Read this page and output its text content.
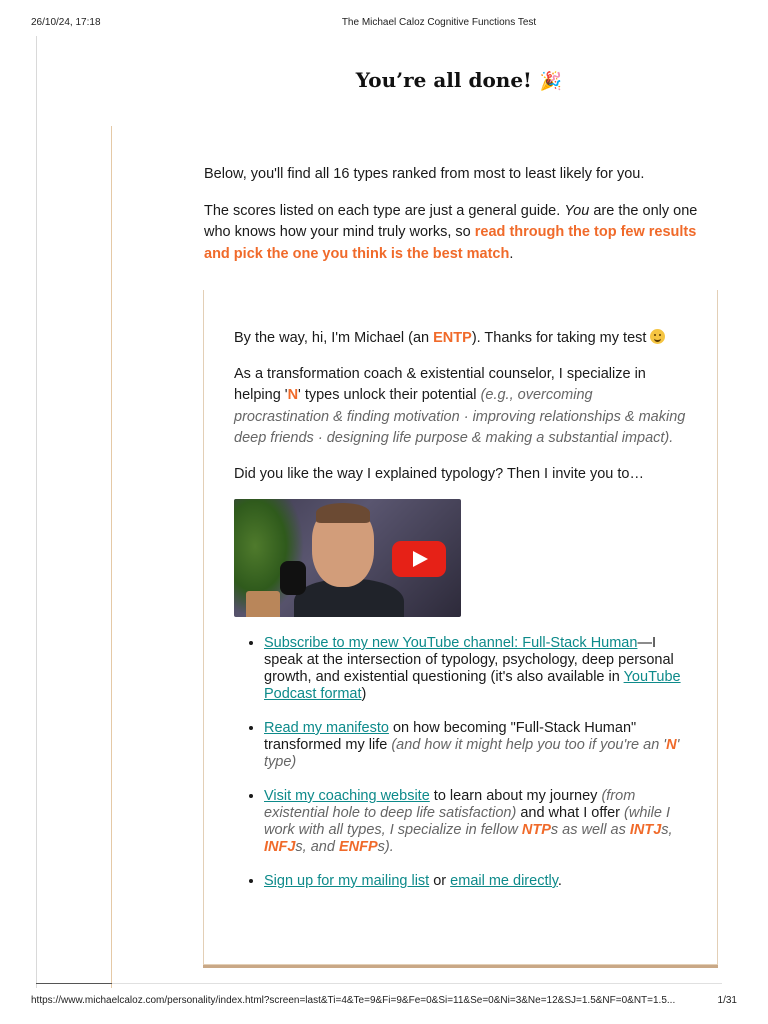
26/10/24, 17:18	The Michael Caloz Cognitive Functions Test
You’re all done! 🎉

Below, you'll find all 16 types ranked from most to least likely for you.

The scores listed on each type are just a general guide. You are the only one who knows how your mind truly works, so read through the top few results and pick the one you think is the best match.

By the way, hi, I'm Michael (an ENTP). Thanks for taking my test

As a transformation coach & existential counselor, I specialize in helping 'N' types unlock their potential (e.g., overcoming procrastination & finding motivation · improving relationships & making deep friends · designing life purpose & making a substantial impact).

Did you like the way I explained typology? Then I invite you to…

• Subscribe to my new YouTube channel: Full-Stack Human—I speak at the intersection of typology, psychology, deep personal growth, and existential questioning (it's also available in YouTube Podcast format)
• Read my manifesto on how becoming "Full-Stack Human" transformed my life (and how it might help you too if you're an 'N' type)
• Visit my coaching website to learn about my journey (from existential hole to deep life satisfaction) and what I offer (while I work with all types, I specialize in fellow NTPs as well as INTJs, INFJs, and ENFPs).
• Sign up for my mailing list or email me directly.
https://www.michaelcaloz.com/personality/index.html?screen=last&Ti=4&Te=9&Fi=9&Fe=0&Si=11&Se=0&Ni=3&Ne=12&SJ=1.5&NF=0&NT=1.5...	1/31
